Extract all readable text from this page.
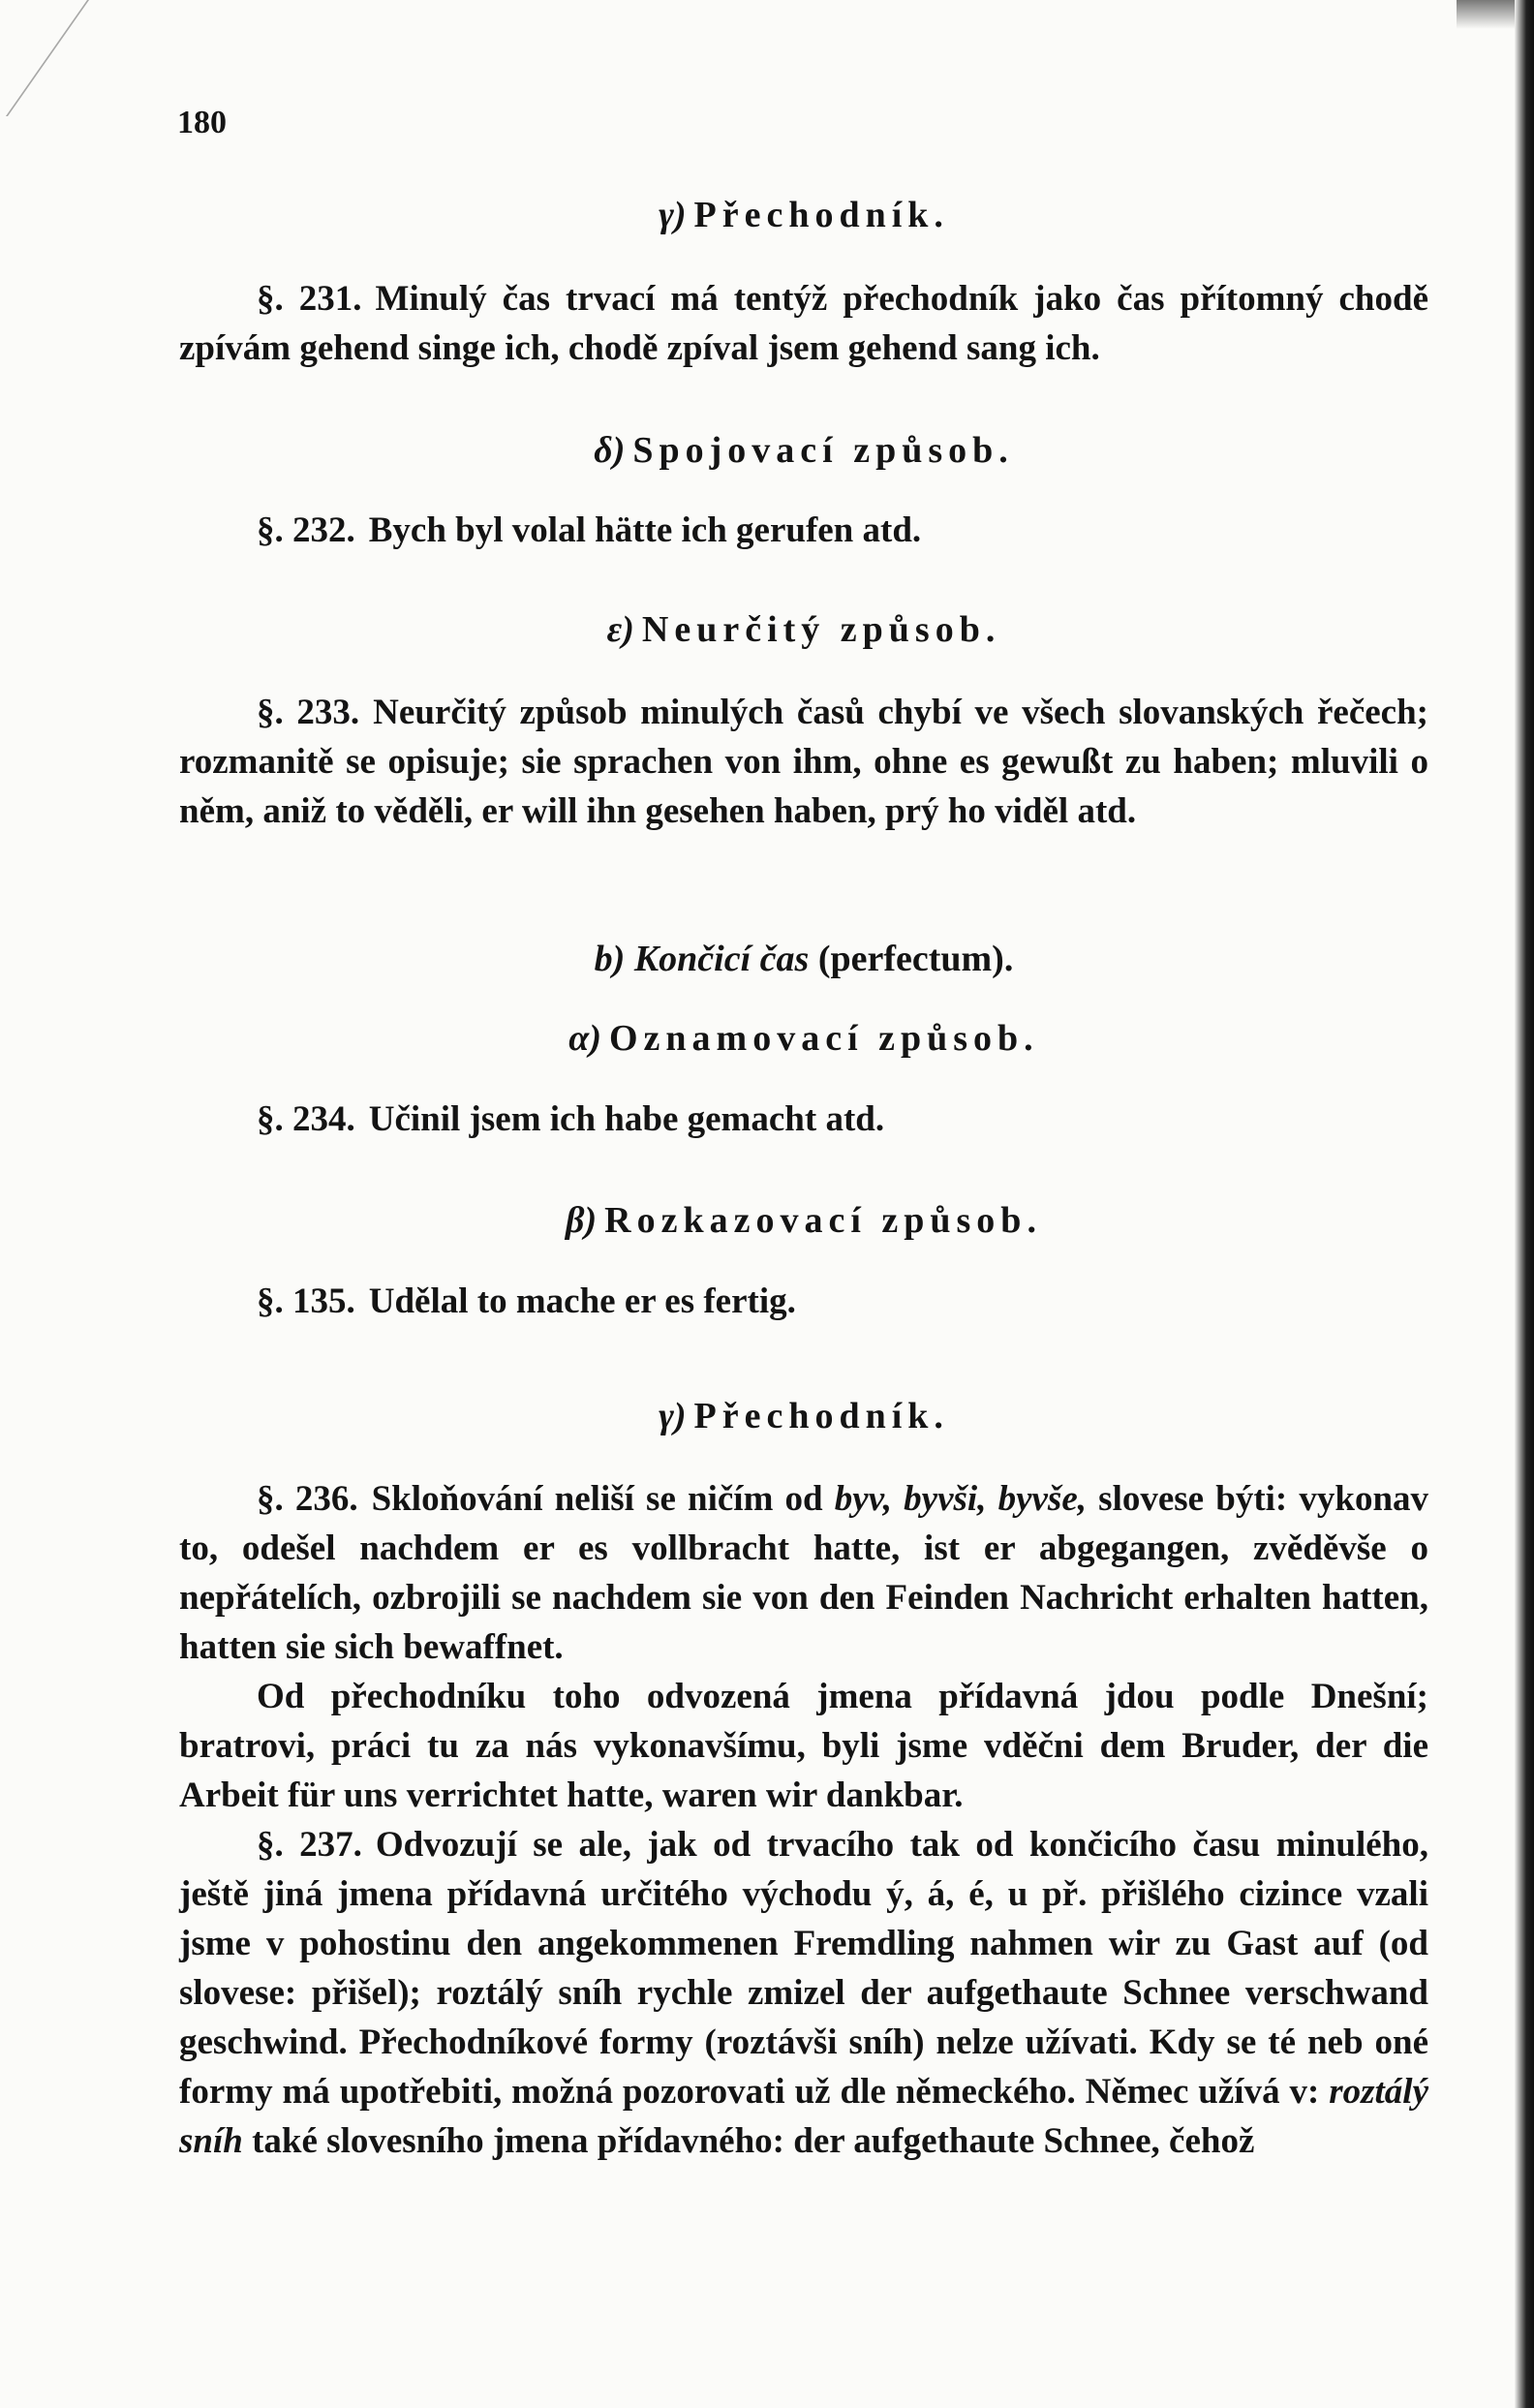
180
γ) Přechodník.

§. 231. Minulý čas trvací má tentýž přechodník jako čas přítomný chodě zpívám gehend singe ich, chodě zpíval jsem gehend sang ich.

δ) Spojovací způsob.

§. 232. Bych byl volal hätte ich gerufen atd.

ε) Neurčitý způsob.

§. 233. Neurčitý způsob minulých časů chybí ve všech slovanských řečech; rozmanitě se opisuje; sie sprachen von ihm, ohne es gewußt zu haben; mluvili o něm, aniž to věděli, er will ihn gesehen haben, prý ho viděl atd.

b) Končicí čas (perfectum).
α) Oznamovací způsob.

§. 234. Učinil jsem ich habe gemacht atd.

β) Rozkazovací způsob.

§. 135. Udělal to mache er es fertig.

γ) Přechodník.

§. 236. Skloňování neliší se ničím od byv, byvši, byvše, slovese býti: vykonav to, odešel nachdem er es vollbracht hatte, ist er abgegangen, zvěděvše o nepřátelích, ozbrojili se nachdem sie von den Feinden Nachricht erhalten hatten, hatten sie sich bewaffnet.

Od přechodníku toho odvozená jmena přídavná jdou podle Dnešní; bratrovi, práci tu za nás vykonavšímu, byli jsme vděčni dem Bruder, der die Arbeit für uns verrichtet hatte, waren wir dankbar.

§. 237. Odvozují se ale, jak od trvacího tak od končicího času minulého, ještě jiná jmena přídavná určitého východu ý, á, é, u př. přišlého cizince vzali jsme v pohostinu den angekommenen Fremdling nahmen wir zu Gast auf (od slovese: přišel); roztálý sníh rychle zmizel der aufgethaute Schnee verschwand geschwind. Přechodníkové formy (roztávši sníh) nelze užívati. Kdy se té neb oné formy má upotřebiti, možná pozorovati už dle německého. Němec užívá v: roztálý sníh také slovesního jmena přídavného: der aufgethaute Schnee, čehož
